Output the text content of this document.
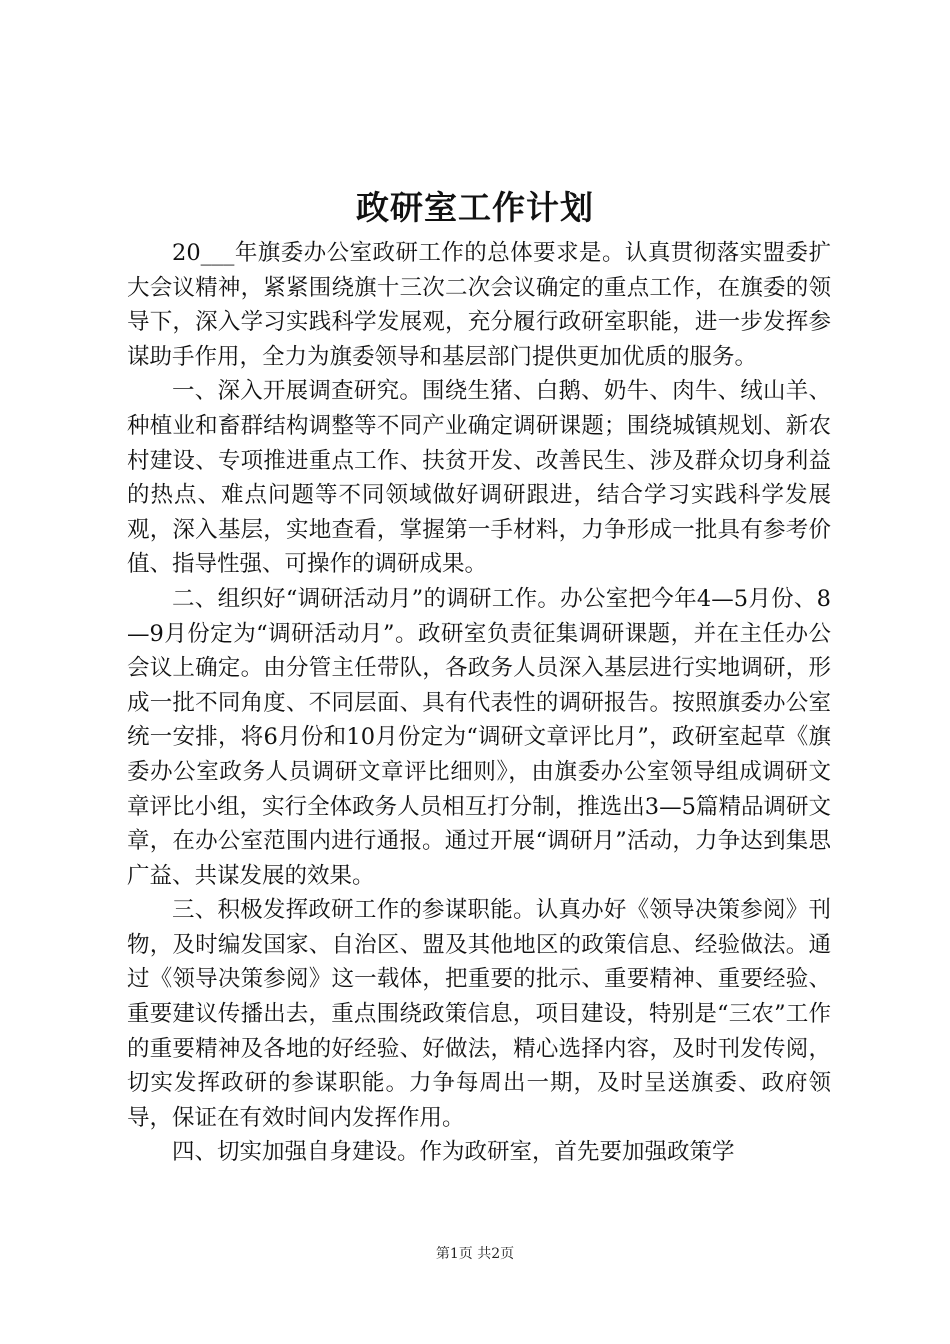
政研室工作计划

20___年旗委办公室政研工作的总体要求是。认真贯彻落实盟委扩大会议精神，紧紧围绕旗十三次二次会议确定的重点工作，在旗委的领导下，深入学习实践科学发展观，充分履行政研室职能，进一步发挥参谋助手作用，全力为旗委领导和基层部门提供更加优质的服务。

一、深入开展调查研究。围绕生猪、白鹅、奶牛、肉牛、绒山羊、种植业和畜群结构调整等不同产业确定调研课题；围绕城镇规划、新农村建设、专项推进重点工作、扶贫开发、改善民生、涉及群众切身利益的热点、难点问题等不同领域做好调研跟进，结合学习实践科学发展观，深入基层，实地查看，掌握第一手材料，力争形成一批具有参考价值、指导性强、可操作的调研成果。

二、组织好“调研活动月”的调研工作。办公室把今年4—5月份、8—9月份定为“调研活动月”。政研室负责征集调研课题，并在主任办公会议上确定。由分管主任带队，各政务人员深入基层进行实地调研，形成一批不同角度、不同层面、具有代表性的调研报告。按照旗委办公室统一安排，将6月份和10月份定为“调研文章评比月”，政研室起草《旗委办公室政务人员调研文章评比细则》，由旗委办公室领导组成调研文章评比小组，实行全体政务人员相互打分制，推选出3—5篇精品调研文章，在办公室范围内进行通报。通过开展“调研月”活动，力争达到集思广益、共谋发展的效果。

三、积极发挥政研工作的参谋职能。认真办好《领导决策参阅》刊物，及时编发国家、自治区、盟及其他地区的政策信息、经验做法。通过《领导决策参阅》这一载体，把重要的批示、重要精神、重要经验、重要建议传播出去，重点围绕政策信息，项目建设，特别是“三农”工作的重要精神及各地的好经验、好做法，精心选择内容，及时刊发传阅，切实发挥政研的参谋职能。力争每周出一期，及时呈送旗委、政府领导，保证在有效时间内发挥作用。

四、切实加强自身建设。作为政研室，首先要加强政策学

第1页 共2页
